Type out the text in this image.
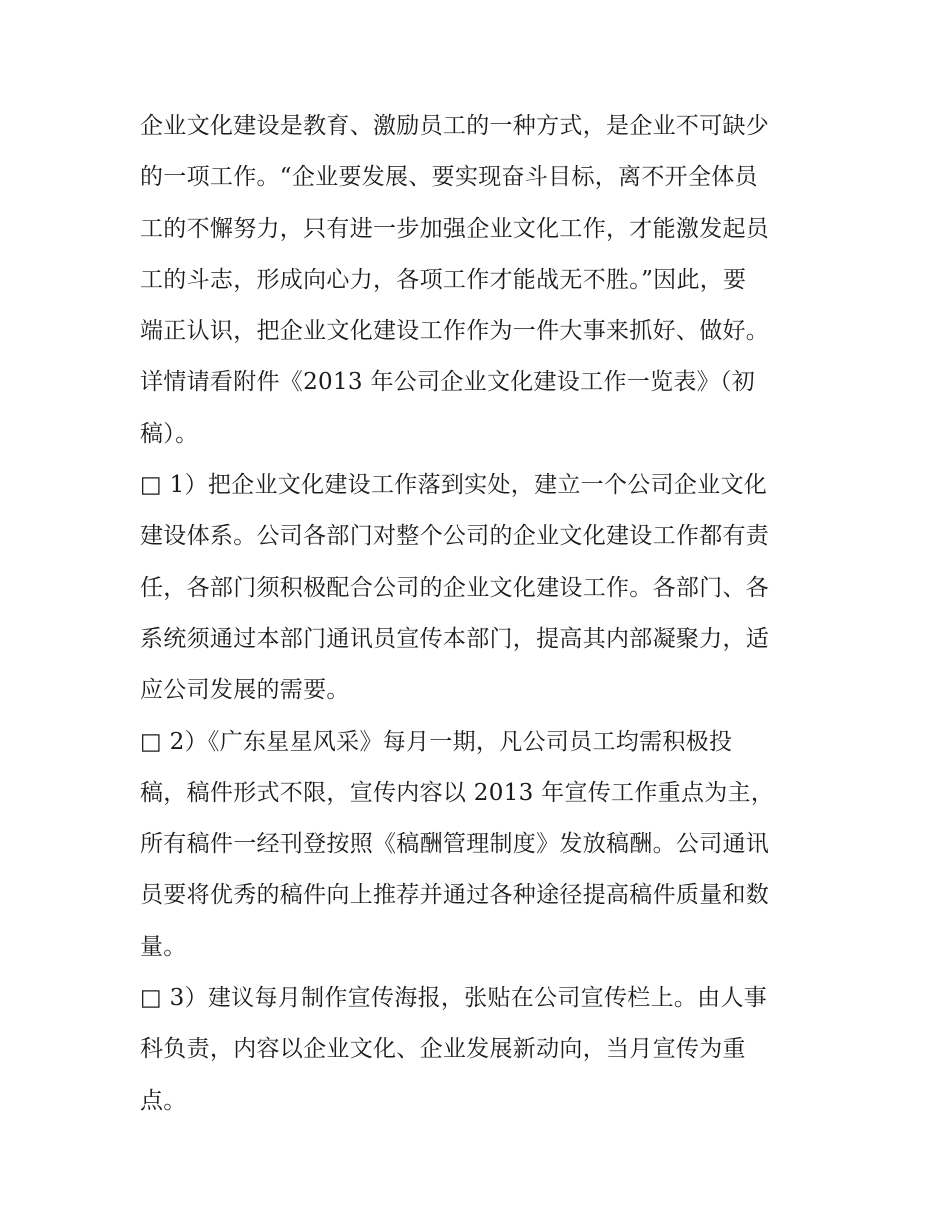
企业文化建设是教育、激励员工的一种方式，是企业不可缺少
的一项工作。“企业要发展、要实现奋斗目标，离不开全体员
工的不懈努力，只有进一步加强企业文化工作，才能激发起员
工的斗志，形成向心力，各项工作才能战无不胜。”因此，要
端正认识，把企业文化建设工作作为一件大事来抓好、做好。
详情请看附件《2013 年公司企业文化建设工作一览表》（初
稿）。
□ 1）把企业文化建设工作落到实处，建立一个公司企业文化
建设体系。公司各部门对整个公司的企业文化建设工作都有责
任，各部门须积极配合公司的企业文化建设工作。各部门、各
系统须通过本部门通讯员宣传本部门，提高其内部凝聚力，适
应公司发展的需要。
□ 2）《广东星星风采》每月一期，凡公司员工均需积极投
稿，稿件形式不限，宣传内容以 2013 年宣传工作重点为主，
所有稿件一经刊登按照《稿酬管理制度》发放稿酬。公司通讯
员要将优秀的稿件向上推荐并通过各种途径提高稿件质量和数
量。
□ 3）建议每月制作宣传海报，张贴在公司宣传栏上。由人事
科负责，内容以企业文化、企业发展新动向，当月宣传为重
点。
